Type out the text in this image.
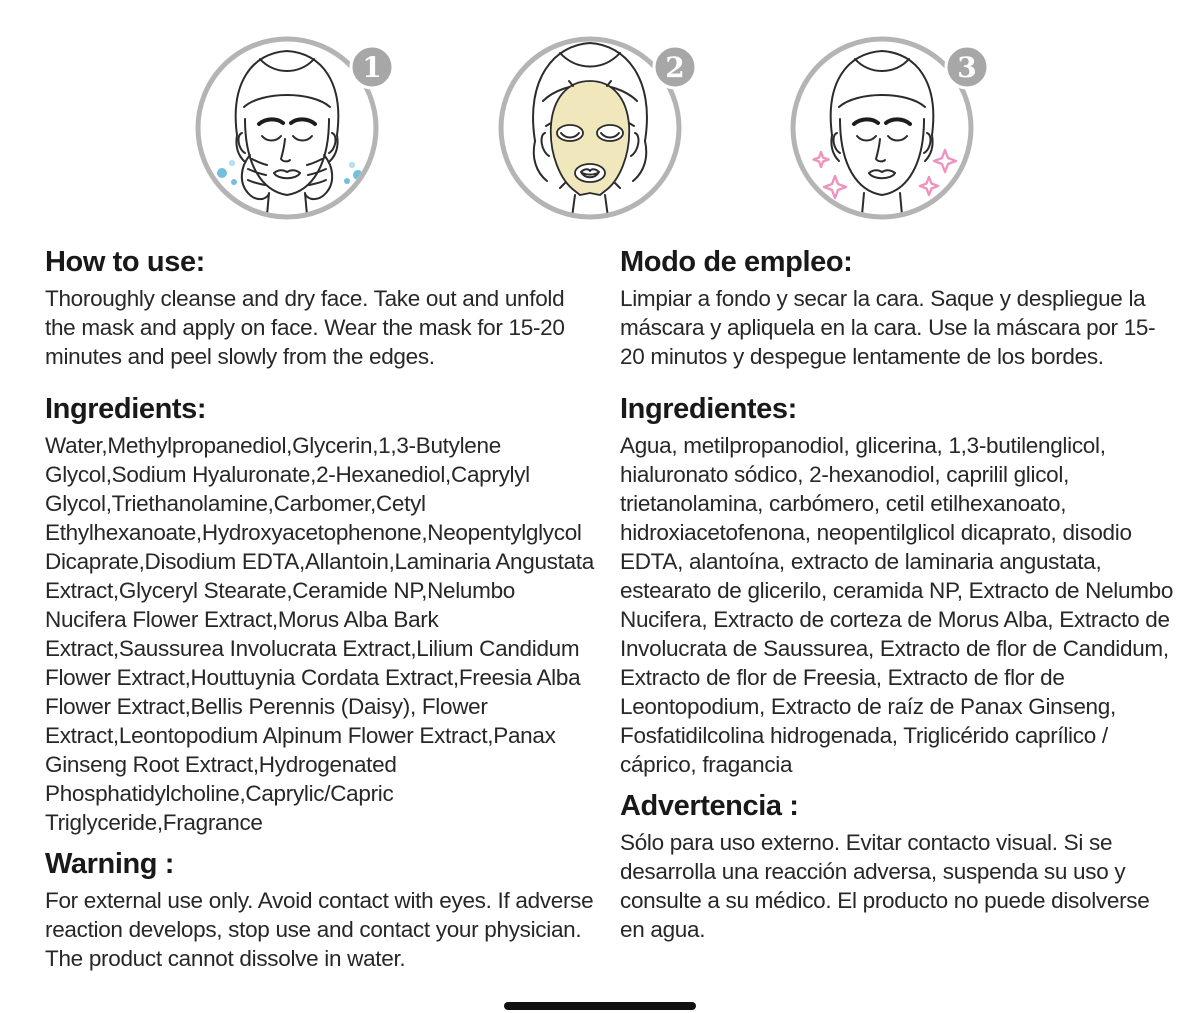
1	2	3
How to use:

Thoroughly cleanse and dry face. Take out and unfold the mask and apply on face. Wear the mask for 15-20 minutes and peel slowly from the edges.

Ingredients:

Water,Methylpropanediol,Glycerin,1,3-Butylene Glycol,Sodium Hyaluronate,2-Hexanediol,Caprylyl Glycol,Triethanolamine,Carbomer,Cetyl Ethylhexanoate,Hydroxyacetophenone,Neopentylglycol Dicaprate,Disodium EDTA,Allantoin,Laminaria Angustata Extract,Glyceryl Stearate,Ceramide NP,Nelumbo Nucifera Flower Extract,Morus Alba Bark Extract,Saussurea Involucrata Extract,Lilium Candidum Flower Extract,Houttuynia Cordata Extract,Freesia Alba Flower Extract,Bellis Perennis (Daisy), Flower Extract,Leontopodium Alpinum Flower Extract,Panax Ginseng Root Extract,Hydrogenated Phosphatidylcholine,Caprylic/Capric Triglyceride,Fragrance

Warning :

For external use only. Avoid contact with eyes. If adverse reaction develops, stop use and contact your physician. The product cannot dissolve in water.

Modo de empleo:

Limpiar a fondo y secar la cara. Saque y despliegue la máscara y apliquela en la cara. Use la máscara por 15-20 minutos y despegue lentamente de los bordes.

Ingredientes:

Agua, metilpropanodiol, glicerina, 1,3-butilenglicol, hialuronato sódico, 2-hexanodiol, caprilil glicol, trietanolamina, carbómero, cetil etilhexanoato, hidroxiacetofenona, neopentilglicol dicaprato, disodio EDTA, alantoína, extracto de laminaria angustata, estearato de glicerilo, ceramida NP, Extracto de Nelumbo Nucifera, Extracto de corteza de Morus Alba, Extracto de Involucrata de Saussurea, Extracto de flor de Candidum, Extracto de flor de Freesia, Extracto de flor de Leontopodium, Extracto de raíz de Panax Ginseng, Fosfatidilcolina hidrogenada, Triglicérido caprílico / cáprico, fragancia

Advertencia :

Sólo para uso externo. Evitar contacto visual. Si se desarrolla una reacción adversa, suspenda su uso y consulte a su médico. El producto no puede disolverse en agua.
